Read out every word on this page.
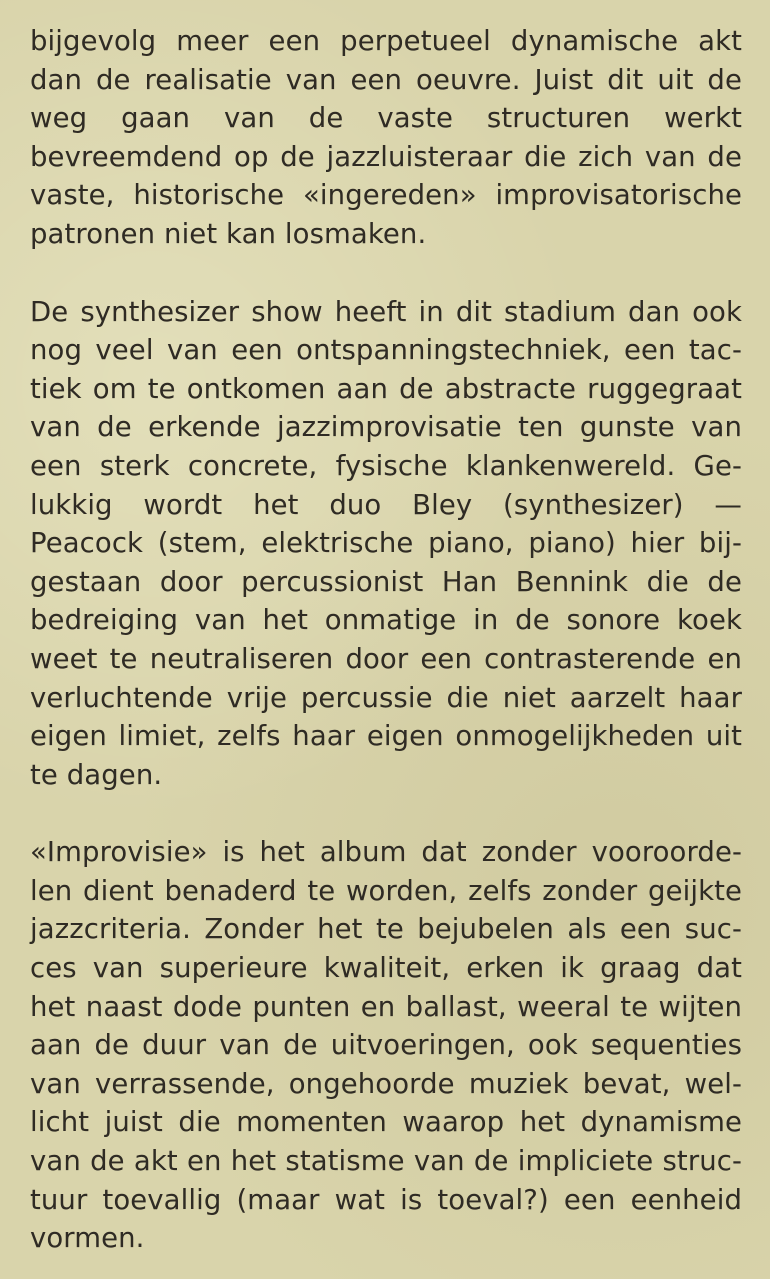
bijgevolg meer een perpetueel dynamische akt
dan de realisatie van een oeuvre. Juist dit uit de
weg gaan van de vaste structuren werkt
bevreemdend op de jazzluisteraar die zich van de
vaste, historische «ingereden» improvisatorische
patronen niet kan losmaken.
De synthesizer show heeft in dit stadium dan ook
nog veel van een ontspanningstechniek, een tac-
tiek om te ontkomen aan de abstracte ruggegraat
van de erkende jazzimprovisatie ten gunste van
een sterk concrete, fysische klankenwereld. Ge-
lukkig wordt het duo Bley (synthesizer) —
Peacock (stem, elektrische piano, piano) hier bij-
gestaan door percussionist Han Bennink die de
bedreiging van het onmatige in de sonore koek
weet te neutraliseren door een contrasterende en
verluchtende vrije percussie die niet aarzelt haar
eigen limiet, zelfs haar eigen onmogelijkheden uit
te dagen.
«Improvisie» is het album dat zonder vooroorde-
len dient benaderd te worden, zelfs zonder geijkte
jazzcriteria. Zonder het te bejubelen als een suc-
ces van superieure kwaliteit, erken ik graag dat
het naast dode punten en ballast, weeral te wijten
aan de duur van de uitvoeringen, ook sequenties
van verrassende, ongehoorde muziek bevat, wel-
licht juist die momenten waarop het dynamisme
van de akt en het statisme van de impliciete struc-
tuur toevallig (maar wat is toeval?) een eenheid
vormen.
